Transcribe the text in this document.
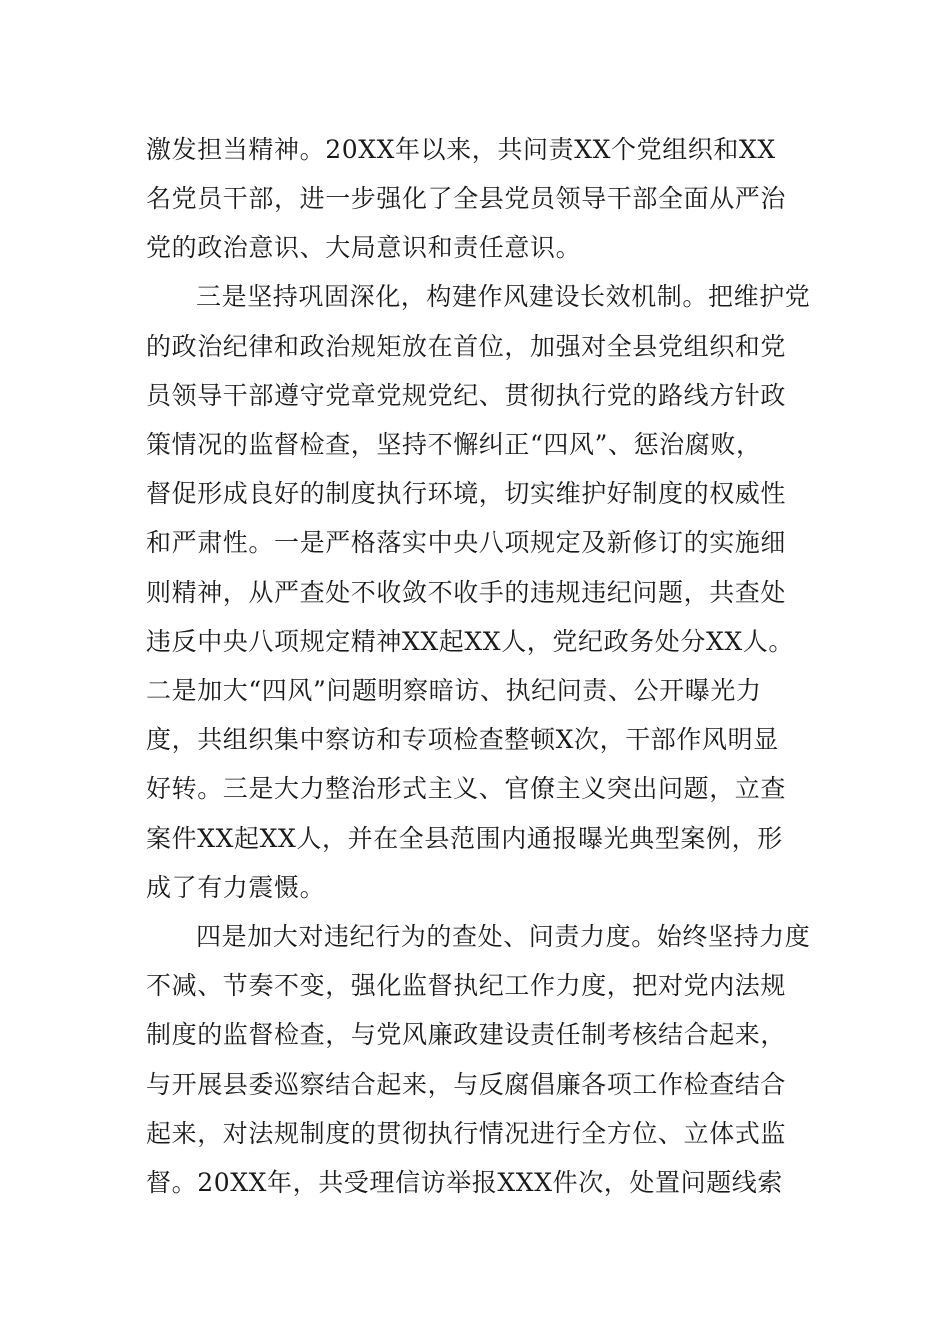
激发担当精神。20XX年以来，共问责XX个党组织和XX
名党员干部，进一步强化了全县党员领导干部全面从严治
党的政治意识、大局意识和责任意识。
三是坚持巩固深化，构建作风建设长效机制。把维护党
的政治纪律和政治规矩放在首位，加强对全县党组织和党
员领导干部遵守党章党规党纪、贯彻执行党的路线方针政
策情况的监督检查，坚持不懈纠正“四风”、惩治腐败，
督促形成良好的制度执行环境，切实维护好制度的权威性
和严肃性。一是严格落实中央八项规定及新修订的实施细
则精神，从严查处不收敛不收手的违规违纪问题，共查处
违反中央八项规定精神XX起XX人，党纪政务处分XX人。
二是加大“四风”问题明察暗访、执纪问责、公开曝光力
度，共组织集中察访和专项检查整顿X次，干部作风明显
好转。三是大力整治形式主义、官僚主义突出问题，立查
案件XX起XX人，并在全县范围内通报曝光典型案例，形
成了有力震慑。
四是加大对违纪行为的查处、问责力度。始终坚持力度
不减、节奏不变，强化监督执纪工作力度，把对党内法规
制度的监督检查，与党风廉政建设责任制考核结合起来，
与开展县委巡察结合起来，与反腐倡廉各项工作检查结合
起来，对法规制度的贯彻执行情况进行全方位、立体式监
督。20XX年，共受理信访举报XXX件次，处置问题线索
